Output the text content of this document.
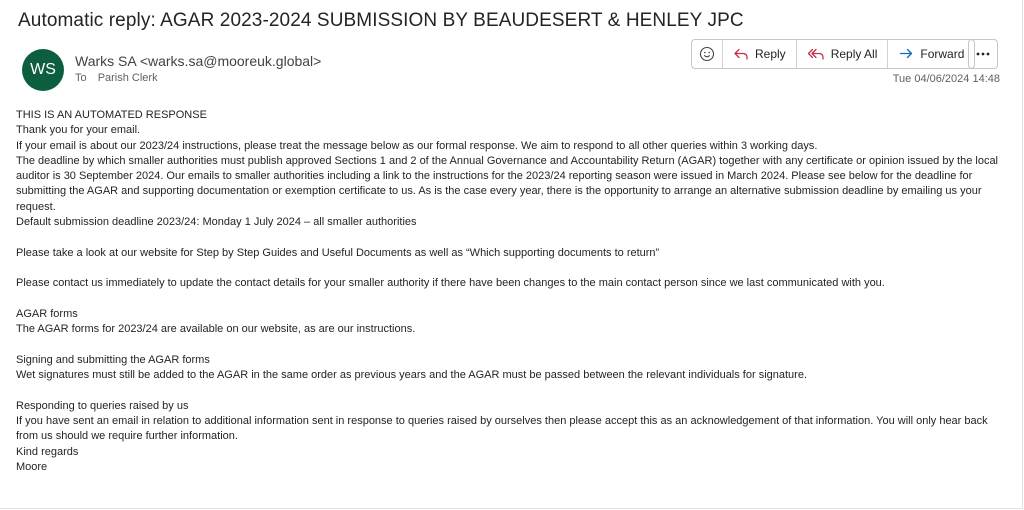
Automatic reply: AGAR 2023-2024 SUBMISSION BY BEAUDESERT & HENLEY JPC
WS	Warks SA <warks.sa@mooreuk.global>
To Parish Clerk
Reply	Reply All	Forward
Tue 04/06/2024 14:48

THIS IS AN AUTOMATED RESPONSE

Thank you for your email.

If your email is about our 2023/24 instructions, please treat the message below as our formal response. We aim to respond to all other queries within 3 working days.

The deadline by which smaller authorities must publish approved Sections 1 and 2 of the Annual Governance and Accountability Return (AGAR) together with any certificate or opinion issued by the local auditor is 30 September 2024. Our emails to smaller authorities including a link to the instructions for the 2023/24 reporting season were issued in March 2024. Please see below for the deadline for submitting the AGAR and supporting documentation or exemption certificate to us. As is the case every year, there is the opportunity to arrange an alternative submission deadline by emailing us your request.

Default submission deadline 2023/24: Monday 1 July 2024 – all smaller authorities

Please take a look at our website for Step by Step Guides and Useful Documents as well as “Which supporting documents to return”

Please contact us immediately to update the contact details for your smaller authority if there have been changes to the main contact person since we last communicated with you.

AGAR forms

The AGAR forms for 2023/24 are available on our website, as are our instructions.

Signing and submitting the AGAR forms

Wet signatures must still be added to the AGAR in the same order as previous years and the AGAR must be passed between the relevant individuals for signature.

Responding to queries raised by us

If you have sent an email in relation to additional information sent in response to queries raised by ourselves then please accept this as an acknowledgement of that information. You will only hear back from us should we require further information.

Kind regards

Moore
